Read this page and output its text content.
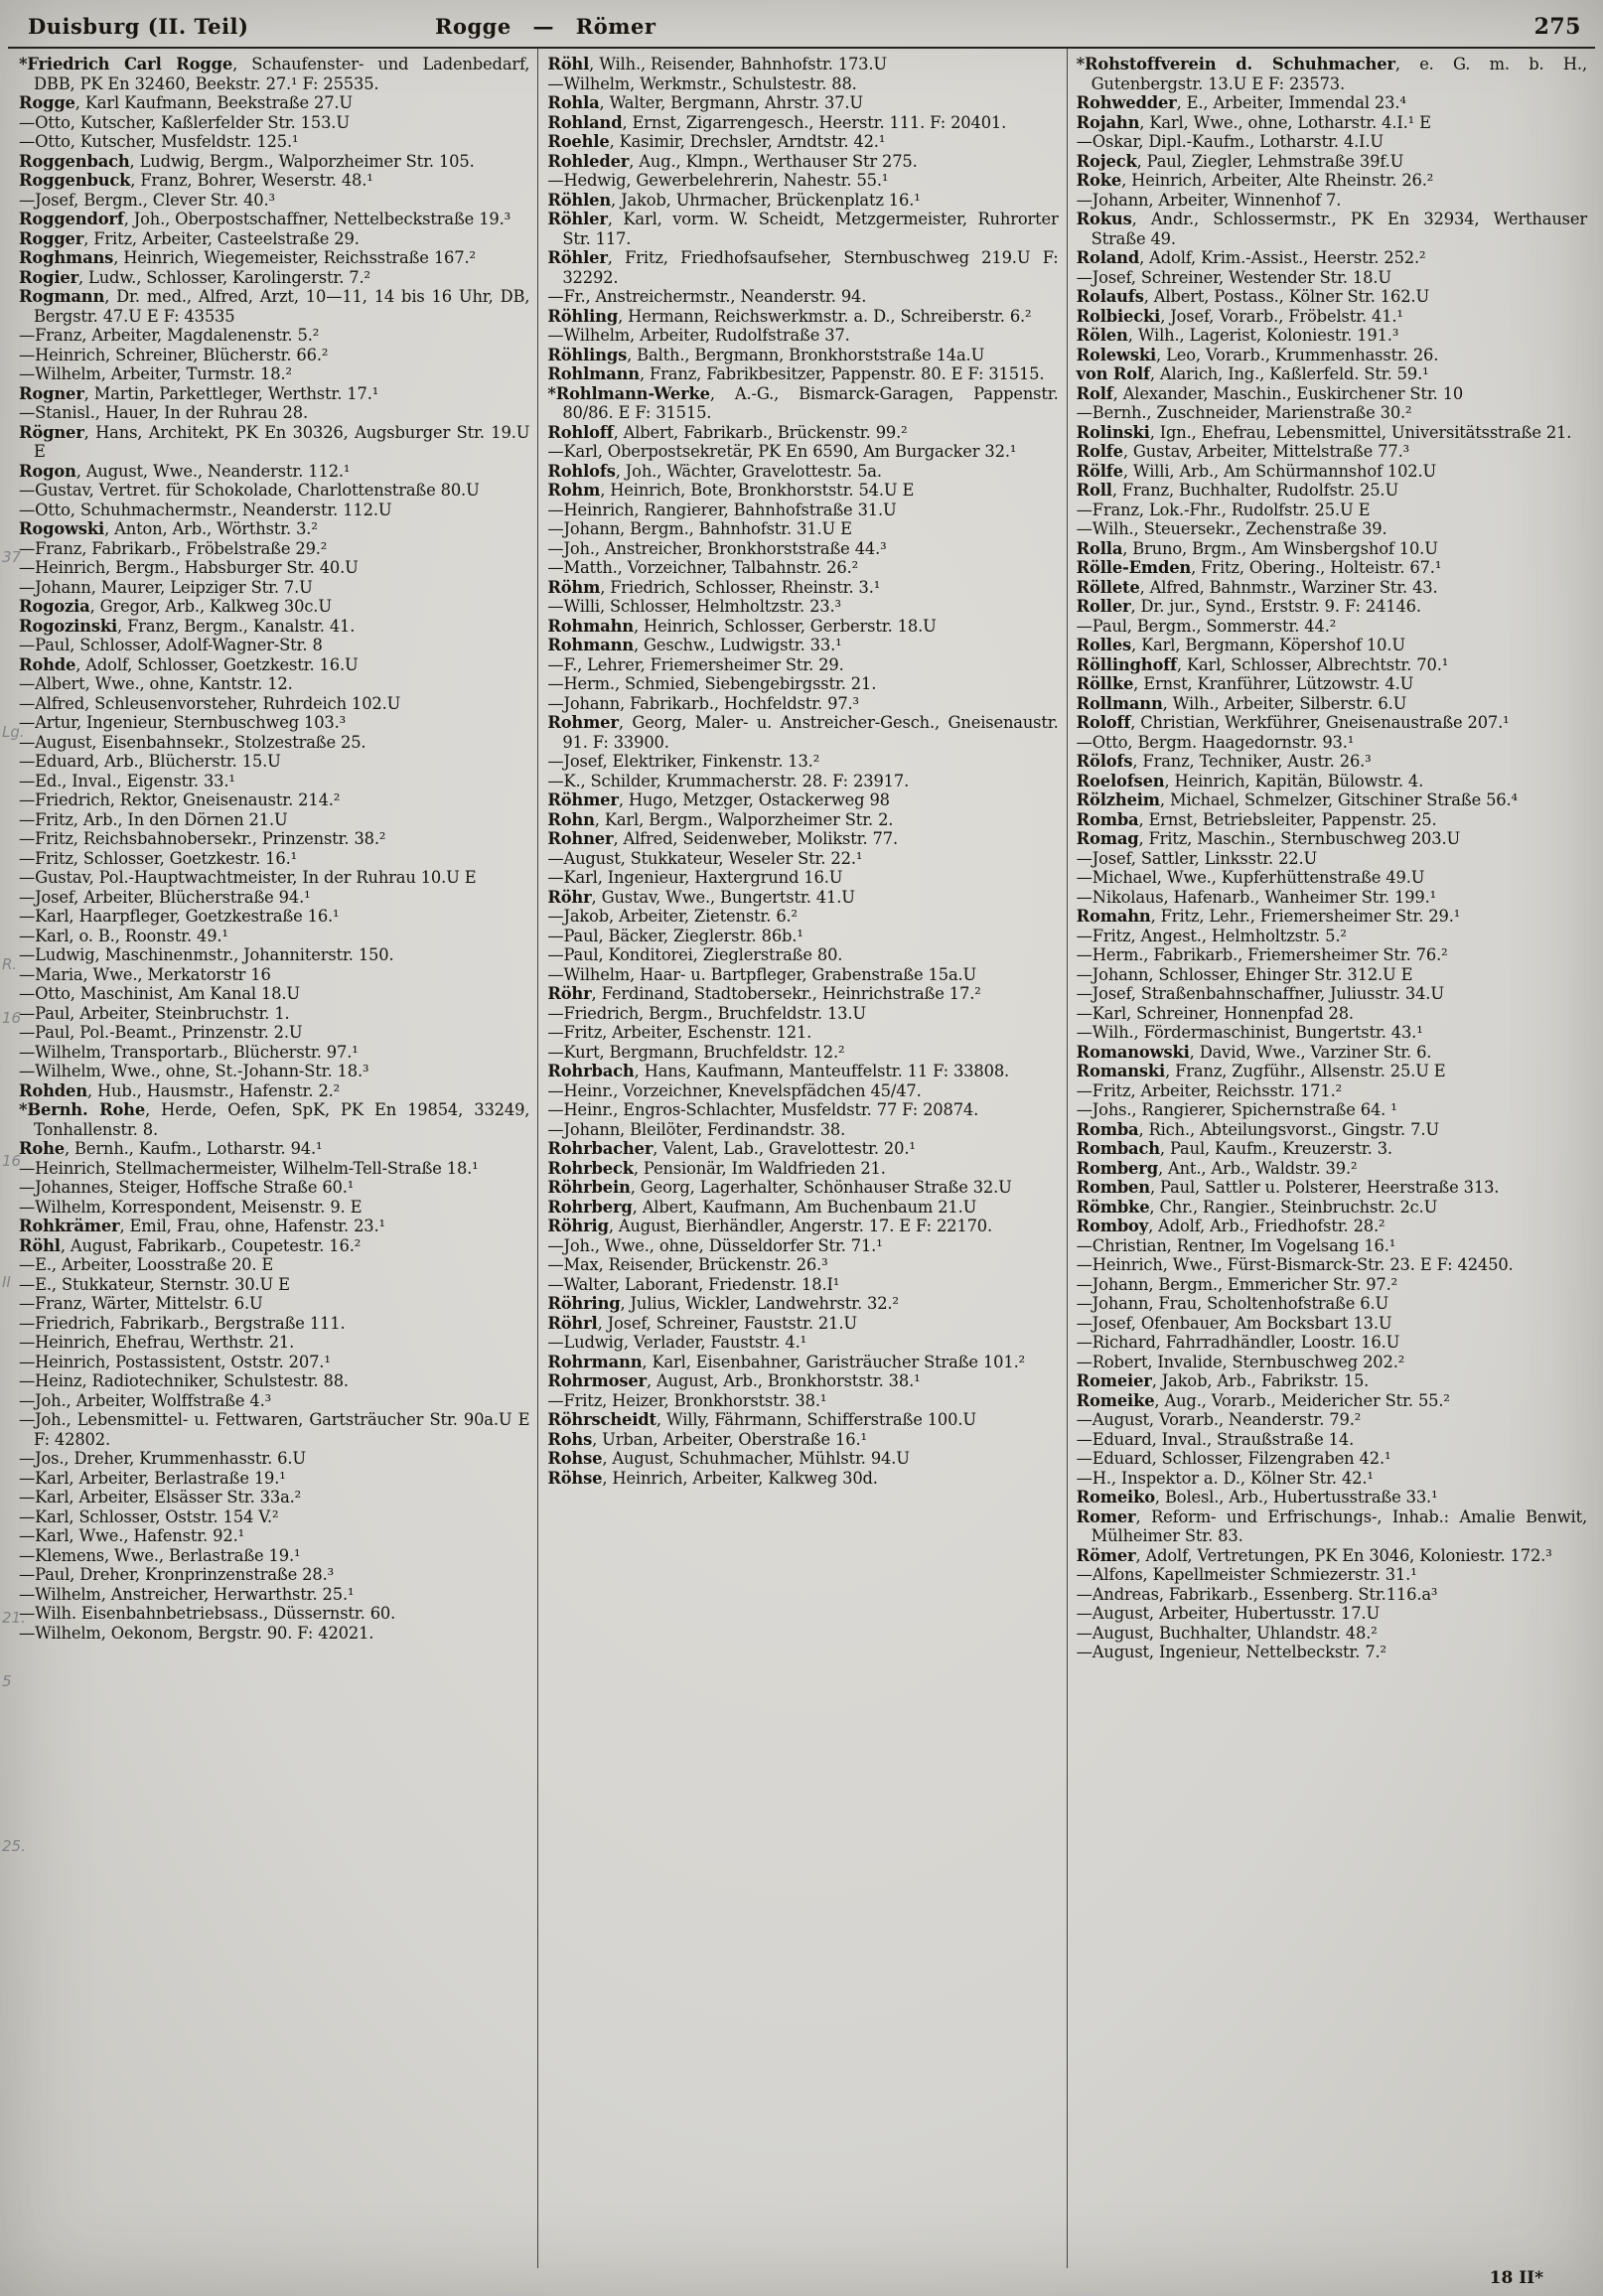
Duisburg (II. Teil)	Rogge — Römer	275

*Friedrich Carl Rogge, Schaufenster- und Ladenbedarf, DBB, PK En 32460, Beekstr. 27.¹ F: 25535.

Rogge, Karl Kaufmann, Beekstraße 27.U

—Otto, Kutscher, Kaßlerfelder Str. 153.U

—Otto, Kutscher, Musfeldstr. 125.¹

Roggenbach, Ludwig, Bergm., Walporzheimer Str. 105.

Roggenbuck, Franz, Bohrer, Weserstr. 48.¹

—Josef, Bergm., Clever Str. 40.³

Roggendorf, Joh., Oberpostschaffner, Nettelbeckstraße 19.³

Rogger, Fritz, Arbeiter, Casteelstraße 29.

Roghmans, Heinrich, Wiegemeister, Reichsstraße 167.²

Rogier, Ludw., Schlosser, Karolingerstr. 7.²

Rogmann, Dr. med., Alfred, Arzt, 10—11, 14 bis 16 Uhr, DB, Bergstr. 47.U E F: 43535

—Franz, Arbeiter, Magdalenenstr. 5.²

—Heinrich, Schreiner, Blücherstr. 66.²

—Wilhelm, Arbeiter, Turmstr. 18.²

Rogner, Martin, Parkettleger, Werthstr. 17.¹

—Stanisl., Hauer, In der Ruhrau 28.

Rögner, Hans, Architekt, PK En 30326, Augsburger Str. 19.U E

Rogon, August, Wwe., Neanderstr. 112.¹

—Gustav, Vertret. für Schokolade, Charlottenstraße 80.U

—Otto, Schuhmachermstr., Neanderstr. 112.U

Rogowski, Anton, Arb., Wörthstr. 3.²

—Franz, Fabrikarb., Fröbelstraße 29.²

—Heinrich, Bergm., Habsburger Str. 40.U

—Johann, Maurer, Leipziger Str. 7.U

Rogozia, Gregor, Arb., Kalkweg 30c.U

Rogozinski, Franz, Bergm., Kanalstr. 41.

—Paul, Schlosser, Adolf-Wagner-Str. 8

Rohde, Adolf, Schlosser, Goetzkestr. 16.U

—Albert, Wwe., ohne, Kantstr. 12.

—Alfred, Schleusenvorsteher, Ruhrdeich 102.U

—Artur, Ingenieur, Sternbuschweg 103.³

—August, Eisenbahnsekr., Stolzestraße 25.

—Eduard, Arb., Blücherstr. 15.U

—Ed., Inval., Eigenstr. 33.¹

—Friedrich, Rektor, Gneisenaustr. 214.²

—Fritz, Arb., In den Dörnen 21.U

—Fritz, Reichsbahnobersekr., Prinzenstr. 38.²

—Fritz, Schlosser, Goetzkestr. 16.¹

—Gustav, Pol.-Hauptwachtmeister, In der Ruhrau 10.U E

—Josef, Arbeiter, Blücherstraße 94.¹

—Karl, Haarpfleger, Goetzkestraße 16.¹

—Karl, o. B., Roonstr. 49.¹

—Ludwig, Maschinenmstr., Johanniterstr. 150.

—Maria, Wwe., Merkatorstr 16

—Otto, Maschinist, Am Kanal 18.U

—Paul, Arbeiter, Steinbruchstr. 1.

—Paul, Pol.-Beamt., Prinzenstr. 2.U

—Wilhelm, Transportarb., Blücherstr. 97.¹

—Wilhelm, Wwe., ohne, St.-Johann-Str. 18.³

Rohden, Hub., Hausmstr., Hafenstr. 2.²

*Bernh. Rohe, Herde, Oefen, SpK, PK En 19854, 33249, Tonhallenstr. 8.

Rohe, Bernh., Kaufm., Lotharstr. 94.¹

—Heinrich, Stellmachermeister, Wilhelm-Tell-Straße 18.¹

—Johannes, Steiger, Hoffsche Straße 60.¹

—Wilhelm, Korrespondent, Meisenstr. 9. E

Rohkrämer, Emil, Frau, ohne, Hafenstr. 23.¹

Röhl, August, Fabrikarb., Coupetestr. 16.²

—E., Arbeiter, Loosstraße 20. E

—E., Stukkateur, Sternstr. 30.U E

—Franz, Wärter, Mittelstr. 6.U

—Friedrich, Fabrikarb., Bergstraße 111.

—Heinrich, Ehefrau, Werthstr. 21.

—Heinrich, Postassistent, Oststr. 207.¹

—Heinz, Radiotechniker, Schulstestr. 88.

—Joh., Arbeiter, Wolffstraße 4.³

—Joh., Lebensmittel- u. Fettwaren, Gartsträucher Str. 90a.U E F: 42802.

—Jos., Dreher, Krummenhasstr. 6.U

—Karl, Arbeiter, Berlastraße 19.¹

—Karl, Arbeiter, Elsässer Str. 33a.²

—Karl, Schlosser, Oststr. 154 V.²

—Karl, Wwe., Hafenstr. 92.¹

—Klemens, Wwe., Berlastraße 19.¹

—Paul, Dreher, Kronprinzenstraße 28.³

—Wilhelm, Anstreicher, Herwarthstr. 25.¹

—Wilh. Eisenbahnbetriebsass., Düssernstr. 60.

—Wilhelm, Oekonom, Bergstr. 90. F: 42021.

Röhl, Wilh., Reisender, Bahnhofstr. 173.U

—Wilhelm, Werkmstr., Schulstestr. 88.

Rohla, Walter, Bergmann, Ahrstr. 37.U

Rohland, Ernst, Zigarrengesch., Heerstr. 111. F: 20401.

Roehle, Kasimir, Drechsler, Arndtstr. 42.¹

Rohleder, Aug., Klmpn., Werthauser Str 275.

—Hedwig, Gewerbelehrerin, Nahestr. 55.¹

Röhlen, Jakob, Uhrmacher, Brückenplatz 16.¹

Röhler, Karl, vorm. W. Scheidt, Metzgermeister, Ruhrorter Str. 117.

Röhler, Fritz, Friedhofsaufseher, Sternbuschweg 219.U F: 32292.

—Fr., Anstreichermstr., Neanderstr. 94.

Röhling, Hermann, Reichswerkmstr. a. D., Schreiberstr. 6.²

—Wilhelm, Arbeiter, Rudolfstraße 37.

Röhlings, Balth., Bergmann, Bronkhorststraße 14a.U

Rohlmann, Franz, Fabrikbesitzer, Pappenstr. 80. E F: 31515.

*Rohlmann-Werke, A.-G., Bismarck-Garagen, Pappenstr. 80/86. E F: 31515.

Rohloff, Albert, Fabrikarb., Brückenstr. 99.²

—Karl, Oberpostsekretär, PK En 6590, Am Burgacker 32.¹

Rohlofs, Joh., Wächter, Gravelottestr. 5a.

Rohm, Heinrich, Bote, Bronkhorststr. 54.U E

—Heinrich, Rangierer, Bahnhofstraße 31.U

—Johann, Bergm., Bahnhofstr. 31.U E

—Joh., Anstreicher, Bronkhorststraße 44.³

—Matth., Vorzeichner, Talbahnstr. 26.²

Röhm, Friedrich, Schlosser, Rheinstr. 3.¹

—Willi, Schlosser, Helmholtzstr. 23.³

Rohmahn, Heinrich, Schlosser, Gerberstr. 18.U

Rohmann, Geschw., Ludwigstr. 33.¹

—F., Lehrer, Friemersheimer Str. 29.

—Herm., Schmied, Siebengebirgsstr. 21.

—Johann, Fabrikarb., Hochfeldstr. 97.³

Rohmer, Georg, Maler- u. Anstreicher-Gesch., Gneisenaustr. 91. F: 33900.

—Josef, Elektriker, Finkenstr. 13.²

—K., Schilder, Krummacherstr. 28. F: 23917.

Röhmer, Hugo, Metzger, Ostackerweg 98

Rohn, Karl, Bergm., Walporzheimer Str. 2.

Rohner, Alfred, Seidenweber, Molikstr. 77.

—August, Stukkateur, Weseler Str. 22.¹

—Karl, Ingenieur, Haxtergrund 16.U

Röhr, Gustav, Wwe., Bungertstr. 41.U

—Jakob, Arbeiter, Zietenstr. 6.²

—Paul, Bäcker, Zieglerstr. 86b.¹

—Paul, Konditorei, Zieglerstraße 80.

—Wilhelm, Haar- u. Bartpfleger, Grabenstraße 15a.U

Röhr, Ferdinand, Stadtobersekr., Heinrichstraße 17.²

—Friedrich, Bergm., Bruchfeldstr. 13.U

—Fritz, Arbeiter, Eschenstr. 121.

—Kurt, Bergmann, Bruchfeldstr. 12.²

Rohrbach, Hans, Kaufmann, Manteuffelstr. 11 F: 33808.

—Heinr., Vorzeichner, Knevelspfädchen 45/47.

—Heinr., Engros-Schlachter, Musfeldstr. 77 F: 20874.

—Johann, Bleilöter, Ferdinandstr. 38.

Rohrbacher, Valent, Lab., Gravelottestr. 20.¹

Rohrbeck, Pensionär, Im Waldfrieden 21.

Röhrbein, Georg, Lagerhalter, Schönhauser Straße 32.U

Rohrberg, Albert, Kaufmann, Am Buchenbaum 21.U

Röhrig, August, Bierhändler, Angerstr. 17. E F: 22170.

—Joh., Wwe., ohne, Düsseldorfer Str. 71.¹

—Max, Reisender, Brückenstr. 26.³

—Walter, Laborant, Friedenstr. 18.I¹

Röhring, Julius, Wickler, Landwehrstr. 32.²

Röhrl, Josef, Schreiner, Fauststr. 21.U

—Ludwig, Verlader, Fauststr. 4.¹

Rohrmann, Karl, Eisenbahner, Garisträucher Straße 101.²

Rohrmoser, August, Arb., Bronkhorststr. 38.¹

—Fritz, Heizer, Bronkhorststr. 38.¹

Röhrscheidt, Willy, Fährmann, Schifferstraße 100.U

Rohs, Urban, Arbeiter, Oberstraße 16.¹

Rohse, August, Schuhmacher, Mühlstr. 94.U

Röhse, Heinrich, Arbeiter, Kalkweg 30d.

*Rohstoffverein d. Schuhmacher, e. G. m. b. H., Gutenbergstr. 13.U E F: 23573.

Rohwedder, E., Arbeiter, Immendal 23.⁴

Rojahn, Karl, Wwe., ohne, Lotharstr. 4.I.¹ E

—Oskar, Dipl.-Kaufm., Lotharstr. 4.I.U

Rojeck, Paul, Ziegler, Lehmstraße 39f.U

Roke, Heinrich, Arbeiter, Alte Rheinstr. 26.²

—Johann, Arbeiter, Winnenhof 7.

Rokus, Andr., Schlossermstr., PK En 32934, Werthauser Straße 49.

Roland, Adolf, Krim.-Assist., Heerstr. 252.²

—Josef, Schreiner, Westender Str. 18.U

Rolaufs, Albert, Postass., Kölner Str. 162.U

Rolbiecki, Josef, Vorarb., Fröbelstr. 41.¹

Rölen, Wilh., Lagerist, Koloniestr. 191.³

Rolewski, Leo, Vorarb., Krummenhasstr. 26.

von Rolf, Alarich, Ing., Kaßlerfeld. Str. 59.¹

Rolf, Alexander, Maschin., Euskirchener Str. 10

—Bernh., Zuschneider, Marienstraße 30.²

Rolinski, Ign., Ehefrau, Lebensmittel, Universitätsstraße 21.

Rolfe, Gustav, Arbeiter, Mittelstraße 77.³

Rölfe, Willi, Arb., Am Schürmannshof 102.U

Roll, Franz, Buchhalter, Rudolfstr. 25.U

—Franz, Lok.-Fhr., Rudolfstr. 25.U E

—Wilh., Steuersekr., Zechenstraße 39.

Rolla, Bruno, Brgm., Am Winsbergshof 10.U

Rölle-Emden, Fritz, Obering., Holteistr. 67.¹

Röllete, Alfred, Bahnmstr., Warziner Str. 43.

Roller, Dr. jur., Synd., Erststr. 9. F: 24146.

—Paul, Bergm., Sommerstr. 44.²

Rolles, Karl, Bergmann, Köpershof 10.U

Röllinghoff, Karl, Schlosser, Albrechtstr. 70.¹

Röllke, Ernst, Kranführer, Lützowstr. 4.U

Rollmann, Wilh., Arbeiter, Silberstr. 6.U

Roloff, Christian, Werkführer, Gneisenaustraße 207.¹

—Otto, Bergm. Haagedornstr. 93.¹

Rölofs, Franz, Techniker, Austr. 26.³

Roelofsen, Heinrich, Kapitän, Bülowstr. 4.

Rölzheim, Michael, Schmelzer, Gitschiner Straße 56.⁴

Romba, Ernst, Betriebsleiter, Pappenstr. 25.

Romag, Fritz, Maschin., Sternbuschweg 203.U

—Josef, Sattler, Linksstr. 22.U

—Michael, Wwe., Kupferhüttenstraße 49.U

—Nikolaus, Hafenarb., Wanheimer Str. 199.¹

Romahn, Fritz, Lehr., Friemersheimer Str. 29.¹

—Fritz, Angest., Helmholtzstr. 5.²

—Herm., Fabrikarb., Friemersheimer Str. 76.²

—Johann, Schlosser, Ehinger Str. 312.U E

—Josef, Straßenbahnschaffner, Juliusstr. 34.U

—Karl, Schreiner, Honnenpfad 28.

—Wilh., Fördermaschinist, Bungertstr. 43.¹

Romanowski, David, Wwe., Varziner Str. 6.

Romanski, Franz, Zugführ., Allsenstr. 25.U E

—Fritz, Arbeiter, Reichsstr. 171.²

—Johs., Rangierer, Spichernstraße 64. ¹

Romba, Rich., Abteilungsvorst., Gingstr. 7.U

Rombach, Paul, Kaufm., Kreuzerstr. 3.

Romberg, Ant., Arb., Waldstr. 39.²

Romben, Paul, Sattler u. Polsterer, Heerstraße 313.

Römbke, Chr., Rangier., Steinbruchstr. 2c.U

Romboy, Adolf, Arb., Friedhofstr. 28.²

—Christian, Rentner, Im Vogelsang 16.¹

—Heinrich, Wwe., Fürst-Bismarck-Str. 23. E F: 42450.

—Johann, Bergm., Emmericher Str. 97.²

—Johann, Frau, Scholtenhofstraße 6.U

—Josef, Ofenbauer, Am Bocksbart 13.U

—Richard, Fahrradhändler, Loostr. 16.U

—Robert, Invalide, Sternbuschweg 202.²

Romeier, Jakob, Arb., Fabrikstr. 15.

Romeike, Aug., Vorarb., Meidericher Str. 55.²

—August, Vorarb., Neanderstr. 79.²

—Eduard, Inval., Straußstraße 14.

—Eduard, Schlosser, Filzengraben 42.¹

—H., Inspektor a. D., Kölner Str. 42.¹

Romeiko, Bolesl., Arb., Hubertusstraße 33.¹

Romer, Reform- und Erfrischungs-, Inhab.: Amalie Benwit, Mülheimer Str. 83.

Römer, Adolf, Vertretungen, PK En 3046, Koloniestr. 172.³

—Alfons, Kapellmeister Schmiezerstr. 31.¹

—Andreas, Fabrikarb., Essenberg. Str.116.a³

—August, Arbeiter, Hubertusstr. 17.U

—August, Buchhalter, Uhlandstr. 48.²

—August, Ingenieur, Nettelbeckstr. 7.²

18 II*
37
Lg.
R.
16
16
II
21.
5
25.
